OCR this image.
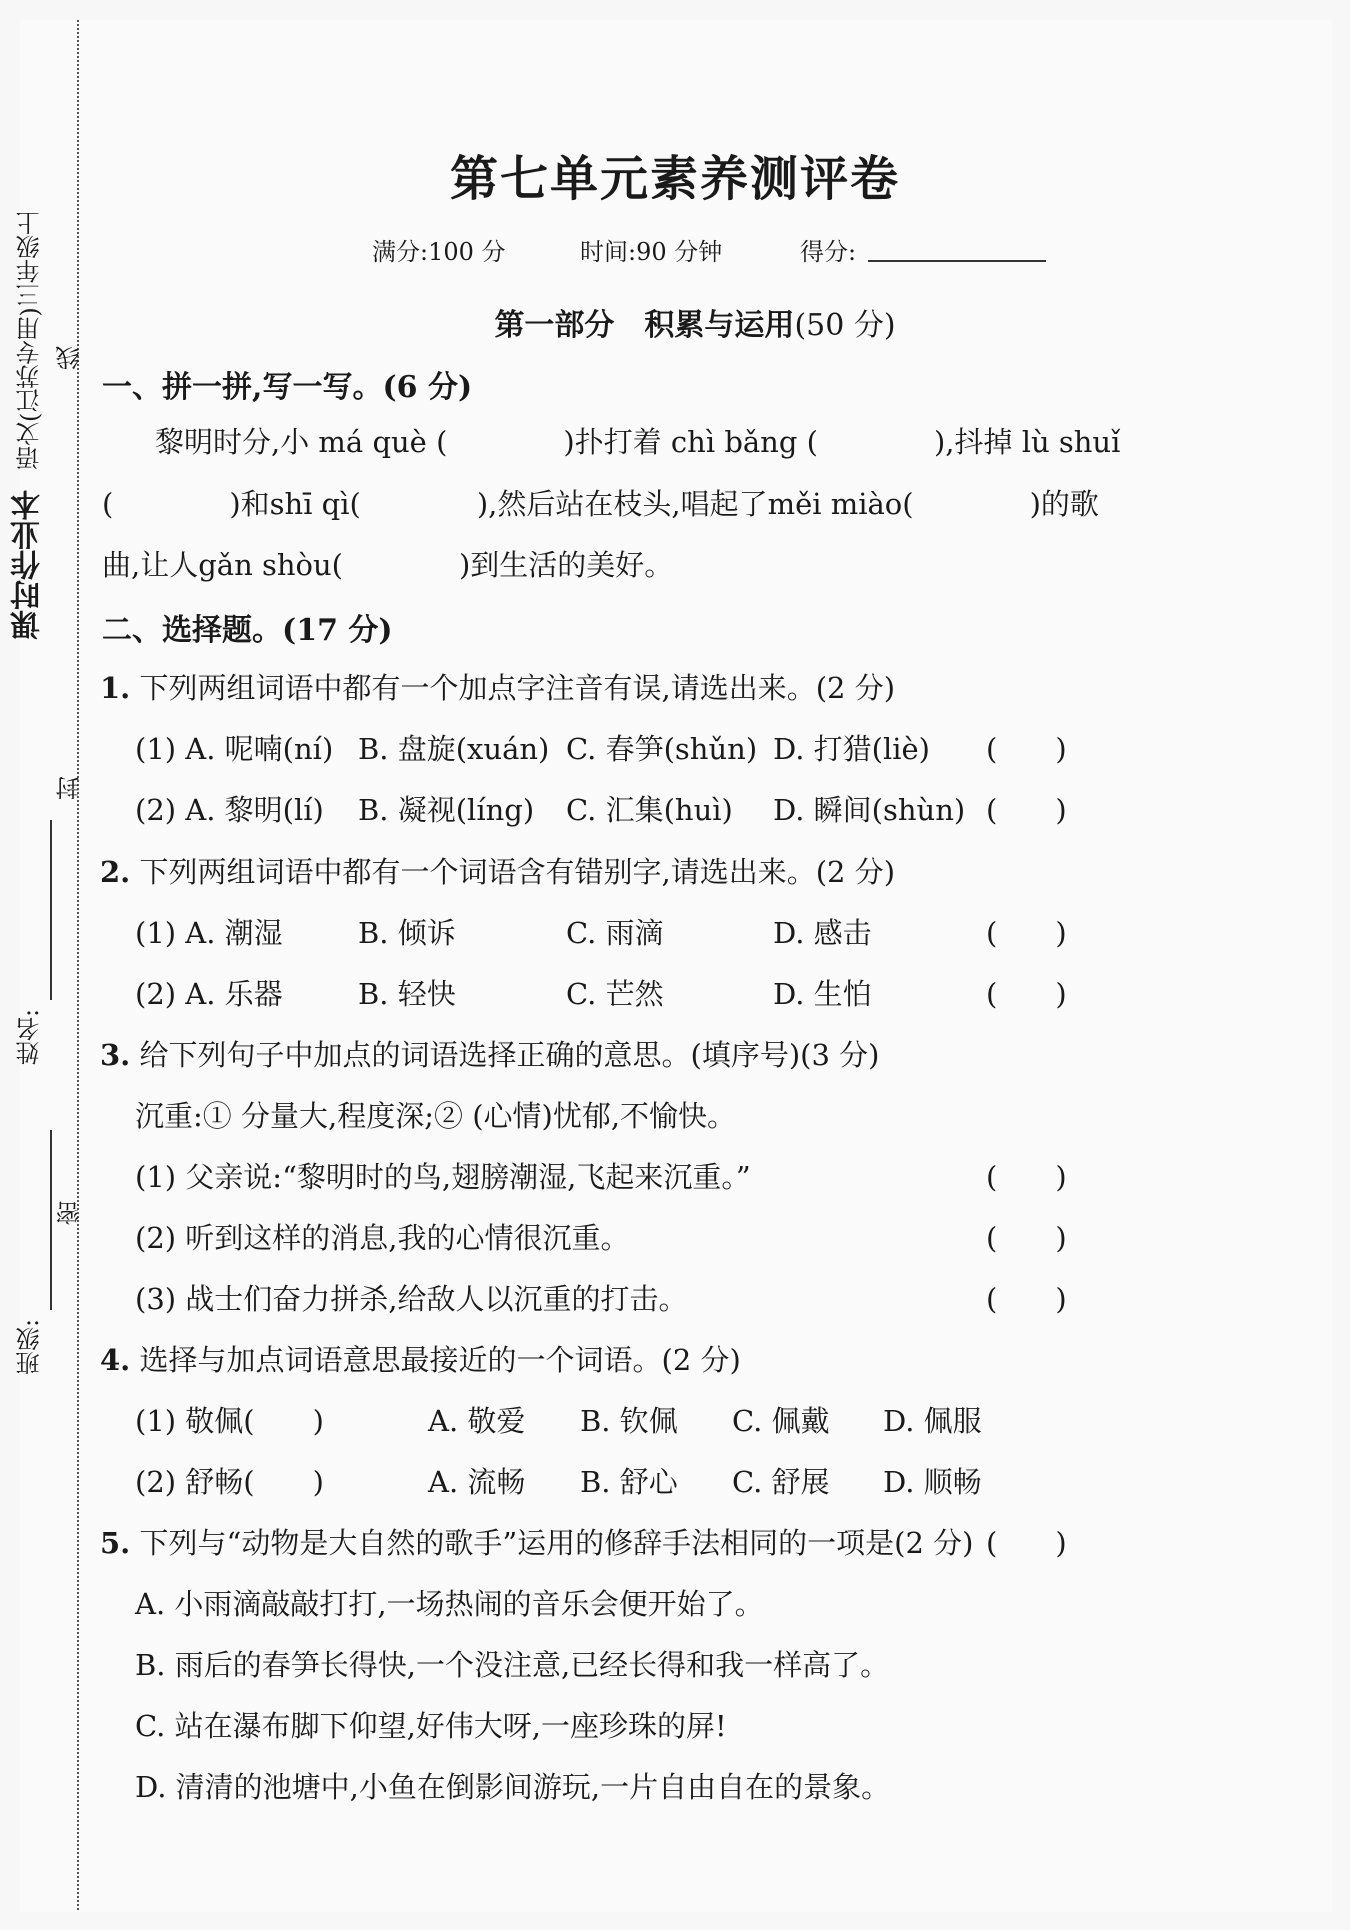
课时作业本
语文(江苏专用)三年级上 线
封
姓名:
密
班级:
第七单元素养测评卷
满分:100 分	时间:90 分钟	得分:
第一部分　积累与运用(50 分)
一、拼一拼,写一写。(6 分)
黎明时分,小 má què (　　　　)扑打着 chì bǎng (　　　　),抖掉 lù shuǐ
(　　　　)和shī qì(　　　　),然后站在枝头,唱起了měi miào(　　　　)的歌
曲,让人gǎn shòu(　　　　)到生活的美好。
二、选择题。(17 分)
1. 下列两组词语中都有一个加点字注音有误,请选出来。(2 分)
(1) A. 呢喃(ní) B. 盘旋(xuán) C. 春笋(shǔn) D. 打猎(liè) (　　)
(2) A. 黎明(lí) B. 凝视(líng) C. 汇集(huì) D. 瞬间(shùn) (　　)
2. 下列两组词语中都有一个词语含有错别字,请选出来。(2 分)
(1) A. 潮湿	B. 倾诉	C. 雨滴	D. 感击	(　　)
(2) A. 乐器	B. 轻快	C. 芒然	D. 生怕	(　　)
3. 给下列句子中加点的词语选择正确的意思。(填序号)(3 分)
沉重:① 分量大,程度深;② (心情)忧郁,不愉快。
(1) 父亲说:“黎明时的鸟,翅膀潮湿,飞起来沉重。”	(　　)
(2) 听到这样的消息,我的心情很沉重。	(　　)
(3) 战士们奋力拼杀,给敌人以沉重的打击。	(　　)
4. 选择与加点词语意思最接近的一个词语。(2 分)
(1) 敬佩(　　)	A. 敬爱 B. 钦佩 C. 佩戴 D. 佩服
(2) 舒畅(　　)	A. 流畅 B. 舒心 C. 舒展 D. 顺畅
5. 下列与“动物是大自然的歌手”运用的修辞手法相同的一项是(2 分) (　　)
A. 小雨滴敲敲打打,一场热闹的音乐会便开始了。
B. 雨后的春笋长得快,一个没注意,已经长得和我一样高了。
C. 站在瀑布脚下仰望,好伟大呀,一座珍珠的屏!
D. 清清的池塘中,小鱼在倒影间游玩,一片自由自在的景象。
